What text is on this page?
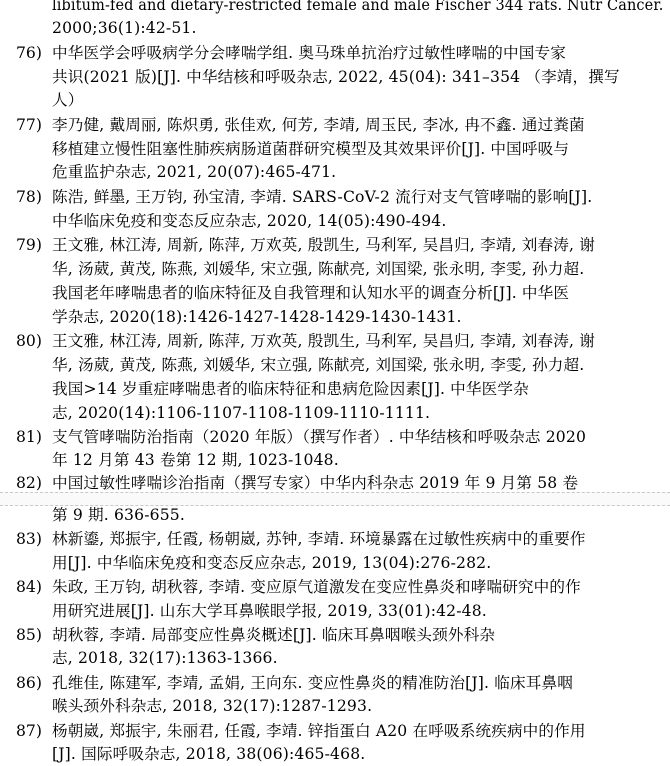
libitum-fed and dietary-restricted female and male Fischer 344 rats. Nutr Cancer.
2000;36(1):42-51.
76) 中华医学会呼吸病学分会哮喘学组. 奥马珠单抗治疗过敏性哮喘的中国专家
共识(2021 版)[J]. 中华结核和呼吸杂志, 2022, 45(04): 341–354 （李靖，撰写
人）
77) 李乃健, 戴周丽, 陈炽勇, 张佳欢, 何芳, 李靖, 周玉民, 李冰, 冉不鑫. 通过粪菌
移植建立慢性阻塞性肺疾病肠道菌群研究模型及其效果评价[J]. 中国呼吸与
危重监护杂志, 2021, 20(07):465-471.
78) 陈浩, 鲜墨, 王万钧, 孙宝清, 李靖. SARS-CoV-2 流行对支气管哮喘的影响[J].
中华临床免疫和变态反应杂志, 2020, 14(05):490-494.
79) 王文雅, 林江涛, 周新, 陈萍, 万欢英, 殷凯生, 马利军, 吴昌归, 李靖, 刘春涛, 谢
华, 汤葳, 黄茂, 陈燕, 刘媛华, 宋立强, 陈献亮, 刘国梁, 张永明, 李雯, 孙力超.
我国老年哮喘患者的临床特征及自我管理和认知水平的调查分析[J]. 中华医
学杂志, 2020(18):1426-1427-1428-1429-1430-1431.
80) 王文雅, 林江涛, 周新, 陈萍, 万欢英, 殷凯生, 马利军, 吴昌归, 李靖, 刘春涛, 谢
华, 汤葳, 黄茂, 陈燕, 刘媛华, 宋立强, 陈献亮, 刘国梁, 张永明, 李雯, 孙力超.
我国>14 岁重症哮喘患者的临床特征和患病危险因素[J]. 中华医学杂
志, 2020(14):1106-1107-1108-1109-1110-1111.
81) 支气管哮喘防治指南（2020 年版）（撰写作者）. 中华结核和呼吸杂志 2020
年 12 月第 43 卷第 12 期, 1023-1048.
82) 中国过敏性哮喘诊治指南（撰写专家）中华内科杂志 2019 年 9 月第 58 卷
第 9 期. 636-655.
83) 林新鎏, 郑振宇, 任霞, 杨朝崴, 苏钟, 李靖. 环境暴露在过敏性疾病中的重要作
用[J]. 中华临床免疫和变态反应杂志, 2019, 13(04):276-282.
84) 朱政, 王万钧, 胡秋蓉, 李靖. 变应原气道激发在变应性鼻炎和哮喘研究中的作
用研究进展[J]. 山东大学耳鼻喉眼学报, 2019, 33(01):42-48.
85) 胡秋蓉, 李靖. 局部变应性鼻炎概述[J]. 临床耳鼻咽喉头颈外科杂
志, 2018, 32(17):1363-1366.
86) 孔维佳, 陈建军, 李靖, 孟娟, 王向东. 变应性鼻炎的精准防治[J]. 临床耳鼻咽
喉头颈外科杂志, 2018, 32(17):1287-1293.
87) 杨朝崴, 郑振宇, 朱丽君, 任霞, 李靖. 锌指蛋白 A20 在呼吸系统疾病中的作用
[J]. 国际呼吸杂志, 2018, 38(06):465-468.
